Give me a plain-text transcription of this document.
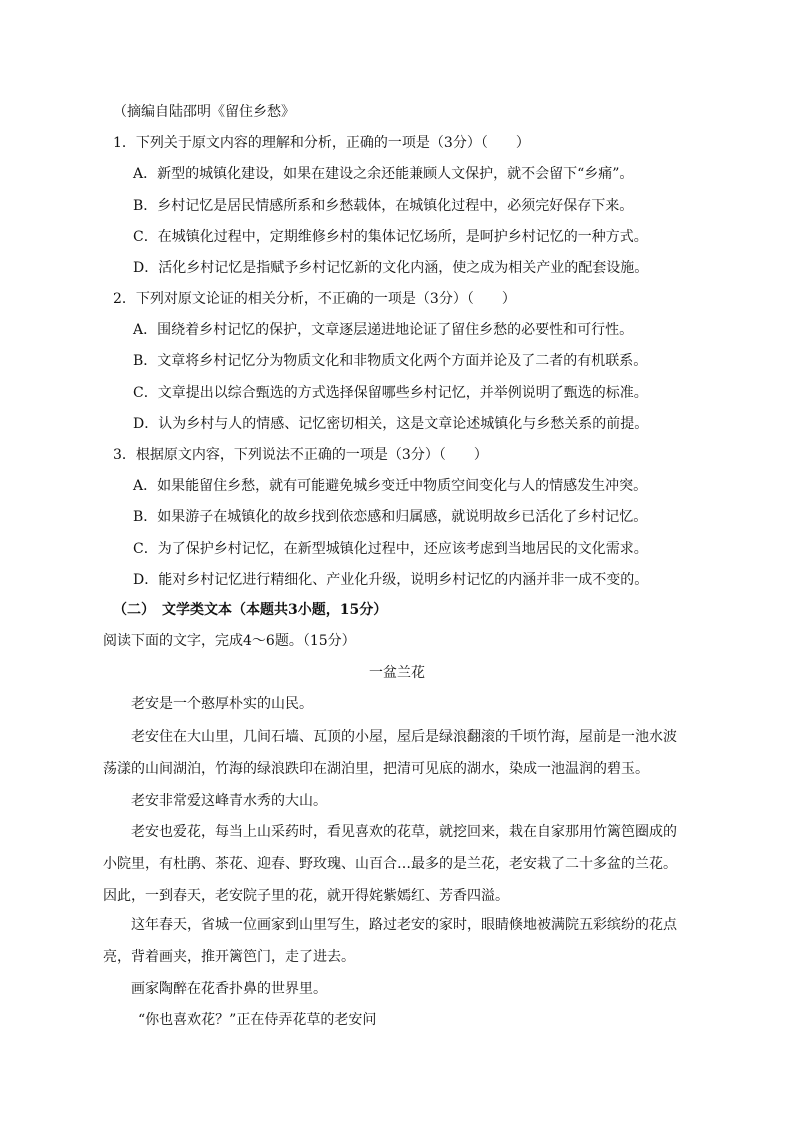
（摘编自陆邵明《留住乡愁》
1．下列关于原文内容的理解和分析，正确的一项是（3分）（　　）
A．新型的城镇化建设，如果在建设之余还能兼顾人文保护，就不会留下“乡痛”。
B．乡村记忆是居民情感所系和乡愁载体，在城镇化过程中，必须完好保存下来。
C．在城镇化过程中，定期维修乡村的集体记忆场所，是呵护乡村记忆的一种方式。
D．活化乡村记忆是指赋予乡村记忆新的文化内涵，使之成为相关产业的配套设施。
2．下列对原文论证的相关分析，不正确的一项是（3分）（　　）
A．围绕着乡村记忆的保护，文章逐层递进地论证了留住乡愁的必要性和可行性。
B．文章将乡村记忆分为物质文化和非物质文化两个方面并论及了二者的有机联系。
C．文章提出以综合甄选的方式选择保留哪些乡村记忆，并举例说明了甄选的标准。
D．认为乡村与人的情感、记忆密切相关，这是文章论述城镇化与乡愁关系的前提。
3．根据原文内容，下列说法不正确的一项是（3分）（　　）
A．如果能留住乡愁，就有可能避免城乡变迁中物质空间变化与人的情感发生冲突。
B．如果游子在城镇化的故乡找到依恋感和归属感，就说明故乡已活化了乡村记忆。
C．为了保护乡村记忆，在新型城镇化过程中，还应该考虑到当地居民的文化需求。
D．能对乡村记忆进行精细化、产业化升级，说明乡村记忆的内涵并非一成不变的。
（二）　文学类文本（本题共3小题，15分）
阅读下面的文字，完成4～6题。（15分）
一盆兰花
老安是一个憨厚朴实的山民。
老安住在大山里，几间石墙、瓦顶的小屋，屋后是绿浪翻滚的千顷竹海，屋前是一池水波荡漾的山间湖泊，竹海的绿浪跌印在湖泊里，把清可见底的湖水，染成一池温润的碧玉。
老安非常爱这峰青水秀的大山。
老安也爱花，每当上山采药时，看见喜欢的花草，就挖回来，栽在自家那用竹篱笆圈成的小院里，有杜鹃、茶花、迎春、野玫瑰、山百合…最多的是兰花，老安栽了二十多盆的兰花。因此，一到春天，老安院子里的花，就开得姹紫嫣红、芳香四溢。
这年春天，省城一位画家到山里写生，路过老安的家时，眼睛倏地被满院五彩缤纷的花点亮，背着画夹，推开篱笆门，走了进去。
画家陶醉在花香扑鼻的世界里。
“你也喜欢花？”正在侍弄花草的老安问
